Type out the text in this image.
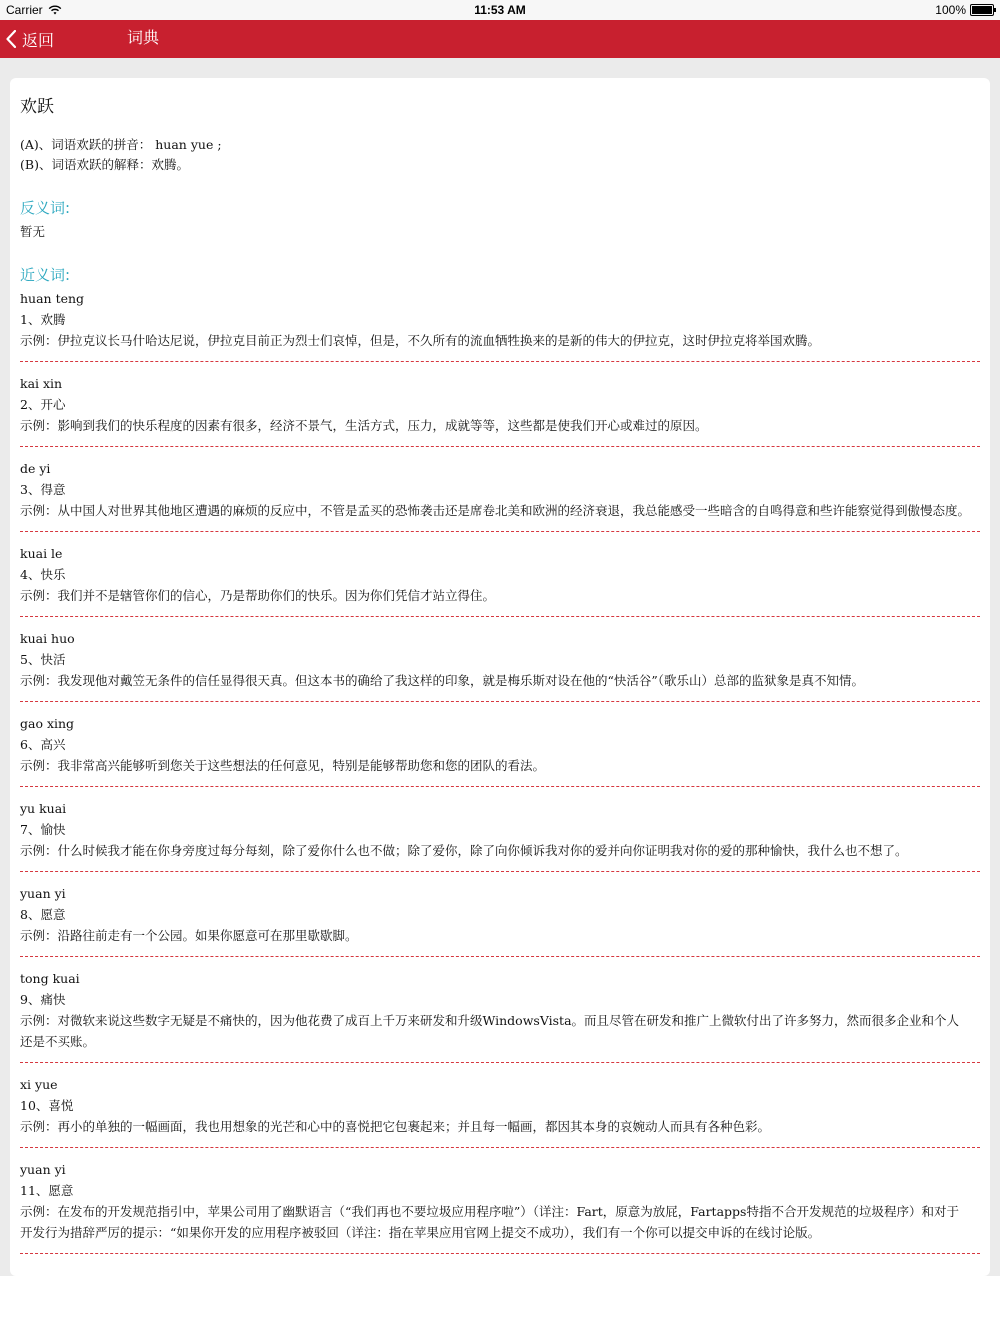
Carrier	11:53 AM	100%
返回	词典
欢跃
(A)、词语欢跃的拼音： huan yue ;
(B)、词语欢跃的解释：欢腾。
反义词:
暂无
近义词:
huan teng
1、欢腾
示例：伊拉克议长马什哈达尼说，伊拉克目前正为烈士们哀悼，但是，不久所有的流血牺牲换来的是新的伟大的伊拉克，这时伊拉克将举国欢腾。
kai xin
2、开心
示例：影响到我们的快乐程度的因素有很多，经济不景气，生活方式，压力，成就等等，这些都是使我们开心或难过的原因。
de yi
3、得意
示例：从中国人对世界其他地区遭遇的麻烦的反应中，不管是孟买的恐怖袭击还是席卷北美和欧洲的经济衰退，我总能感受一些暗含的自鸣得意和些许能察觉得到傲慢态度。
kuai le
4、快乐
示例：我们并不是辖管你们的信心，乃是帮助你们的快乐。因为你们凭信才站立得住。
kuai huo
5、快活
示例：我发现他对戴笠无条件的信任显得很天真。但这本书的确给了我这样的印象，就是梅乐斯对设在他的“快活谷”（歌乐山）总部的监狱象是真不知情。
gao xing
6、高兴
示例：我非常高兴能够听到您关于这些想法的任何意见，特别是能够帮助您和您的团队的看法。
yu kuai
7、愉快
示例：什么时候我才能在你身旁度过每分每刻，除了爱你什么也不做；除了爱你，除了向你倾诉我对你的爱并向你证明我对你的爱的那种愉快，我什么也不想了。
yuan yi
8、愿意
示例：沿路往前走有一个公园。如果你愿意可在那里歇歇脚。
tong kuai
9、痛快
示例：对微软来说这些数字无疑是不痛快的，因为他花费了成百上千万来研发和升级WindowsVista。而且尽管在研发和推广上微软付出了许多努力，然而很多企业和个人还是不买账。
xi yue
10、喜悦
示例：再小的单独的一幅画面，我也用想象的光芒和心中的喜悦把它包裹起来；并且每一幅画，都因其本身的哀婉动人而具有各种色彩。
yuan yi
11、愿意
示例：在发布的开发规范指引中，苹果公司用了幽默语言（“我们再也不要垃圾应用程序啦”）（详注：Fart，原意为放屁，Fartapps特指不合开发规范的垃圾程序）和对于开发行为措辞严厉的提示：“如果你开发的应用程序被驳回（详注：指在苹果应用官网上提交不成功），我们有一个你可以提交申诉的在线讨论版。
